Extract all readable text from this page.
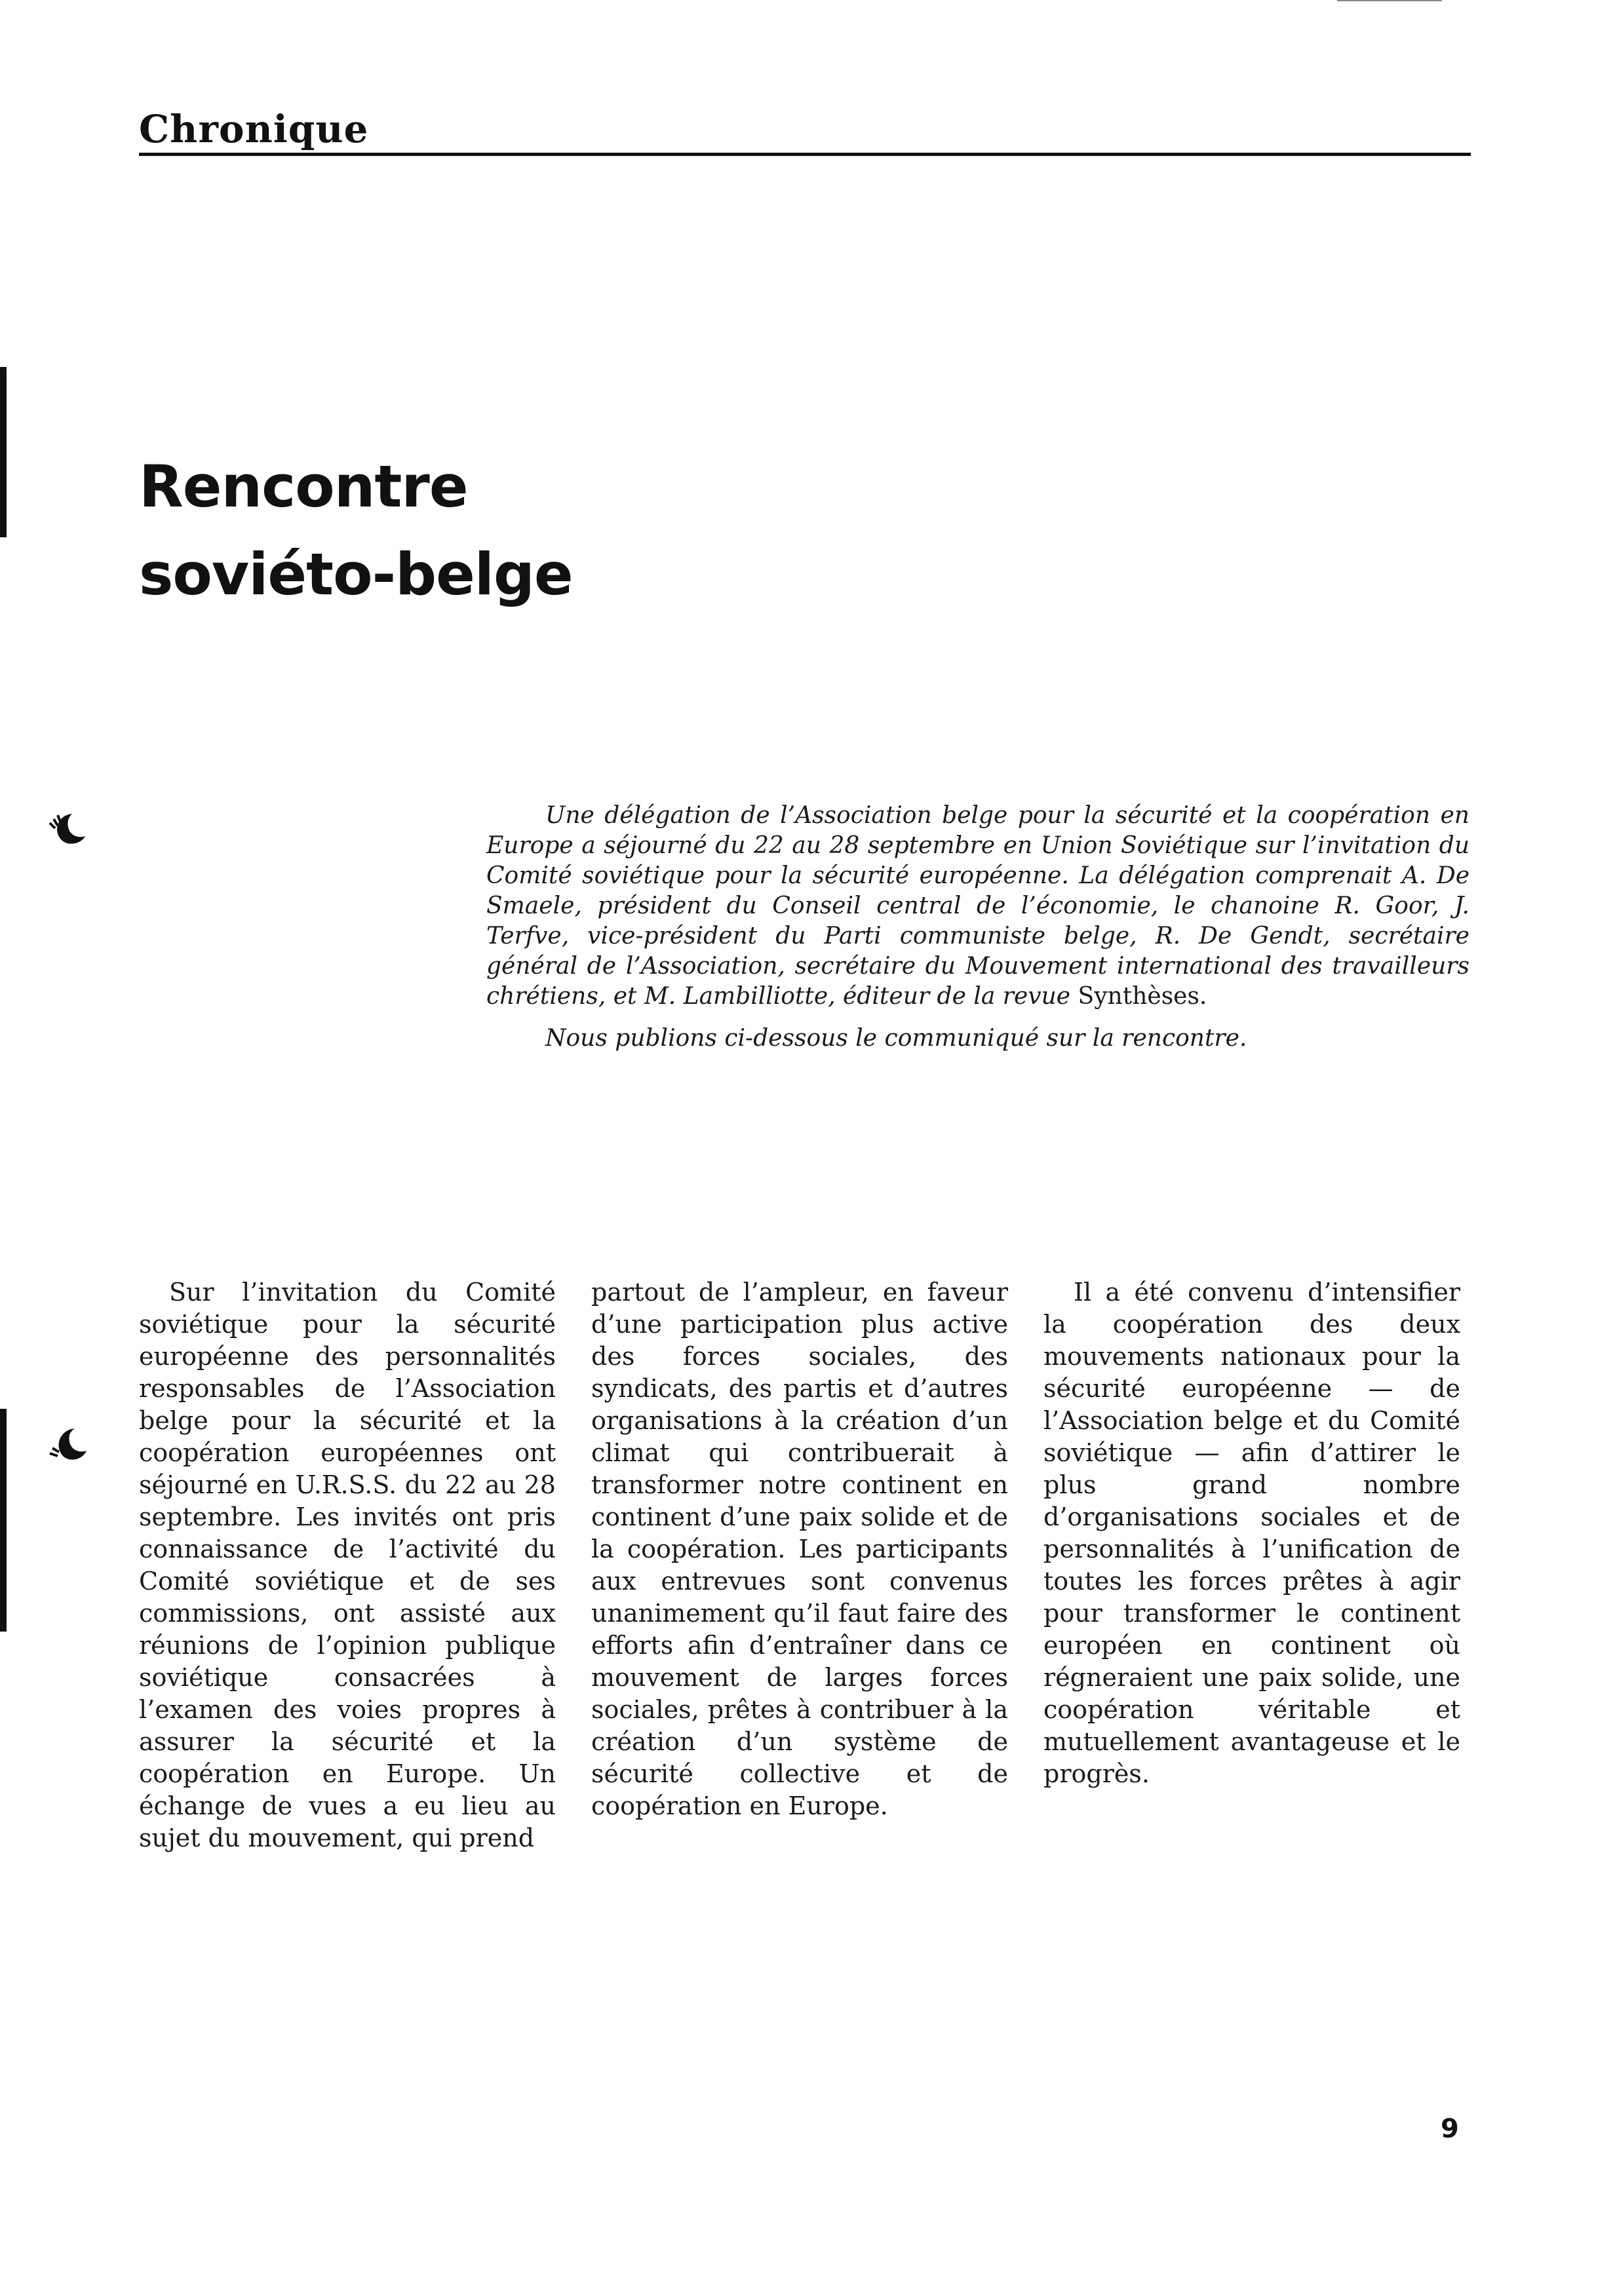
Chronique
Rencontre
soviéto-belge

Une délégation de l’Association belge pour la sécurité et la coopération en Europe a séjourné du 22 au 28 septembre en Union Soviétique sur l’invitation du Comité soviétique pour la sécurité européenne. La délégation comprenait A. De Smaele, président du Conseil central de l’économie, le chanoine R. Goor, J. Terfve, vice-président du Parti communiste belge, R. De Gendt, secrétaire général de l’Association, secrétaire du Mouvement international des travailleurs chrétiens, et M. Lambilliotte, éditeur de la revue Synthèses.

Nous publions ci-dessous le communiqué sur la rencontre.

Sur l’invitation du Comité soviétique pour la sécurité européenne des personnalités responsables de l’Association belge pour la sécurité et la coopération européennes ont séjourné en U.R.S.S. du 22 au 28 septembre. Les invités ont pris connaissance de l’activité du Comité soviétique et de ses commissions, ont assisté aux réunions de l’opinion publique soviétique consacrées à l’examen des voies propres à assurer la sécurité et la coopération en Europe. Un échange de vues a eu lieu au sujet du mouvement, qui prend

partout de l’ampleur, en faveur d’une participation plus active des forces sociales, des syndicats, des partis et d’autres organisations à la création d’un climat qui contribuerait à transformer notre continent en continent d’une paix solide et de la coopération. Les participants aux entrevues sont convenus unanimement qu’il faut faire des efforts afin d’entraîner dans ce mouvement de larges forces sociales, prêtes à contribuer à la création d’un système de sécurité collective et de coopération en Europe.

Il a été convenu d’intensifier la coopération des deux mouvements nationaux pour la sécurité européenne — de l’Association belge et du Comité soviétique — afin d’attirer le plus grand nombre d’organisations sociales et de personnalités à l’unification de toutes les forces prêtes à agir pour transformer le continent européen en continent où régneraient une paix solide, une coopération véritable et mutuellement avantageuse et le progrès.

9
